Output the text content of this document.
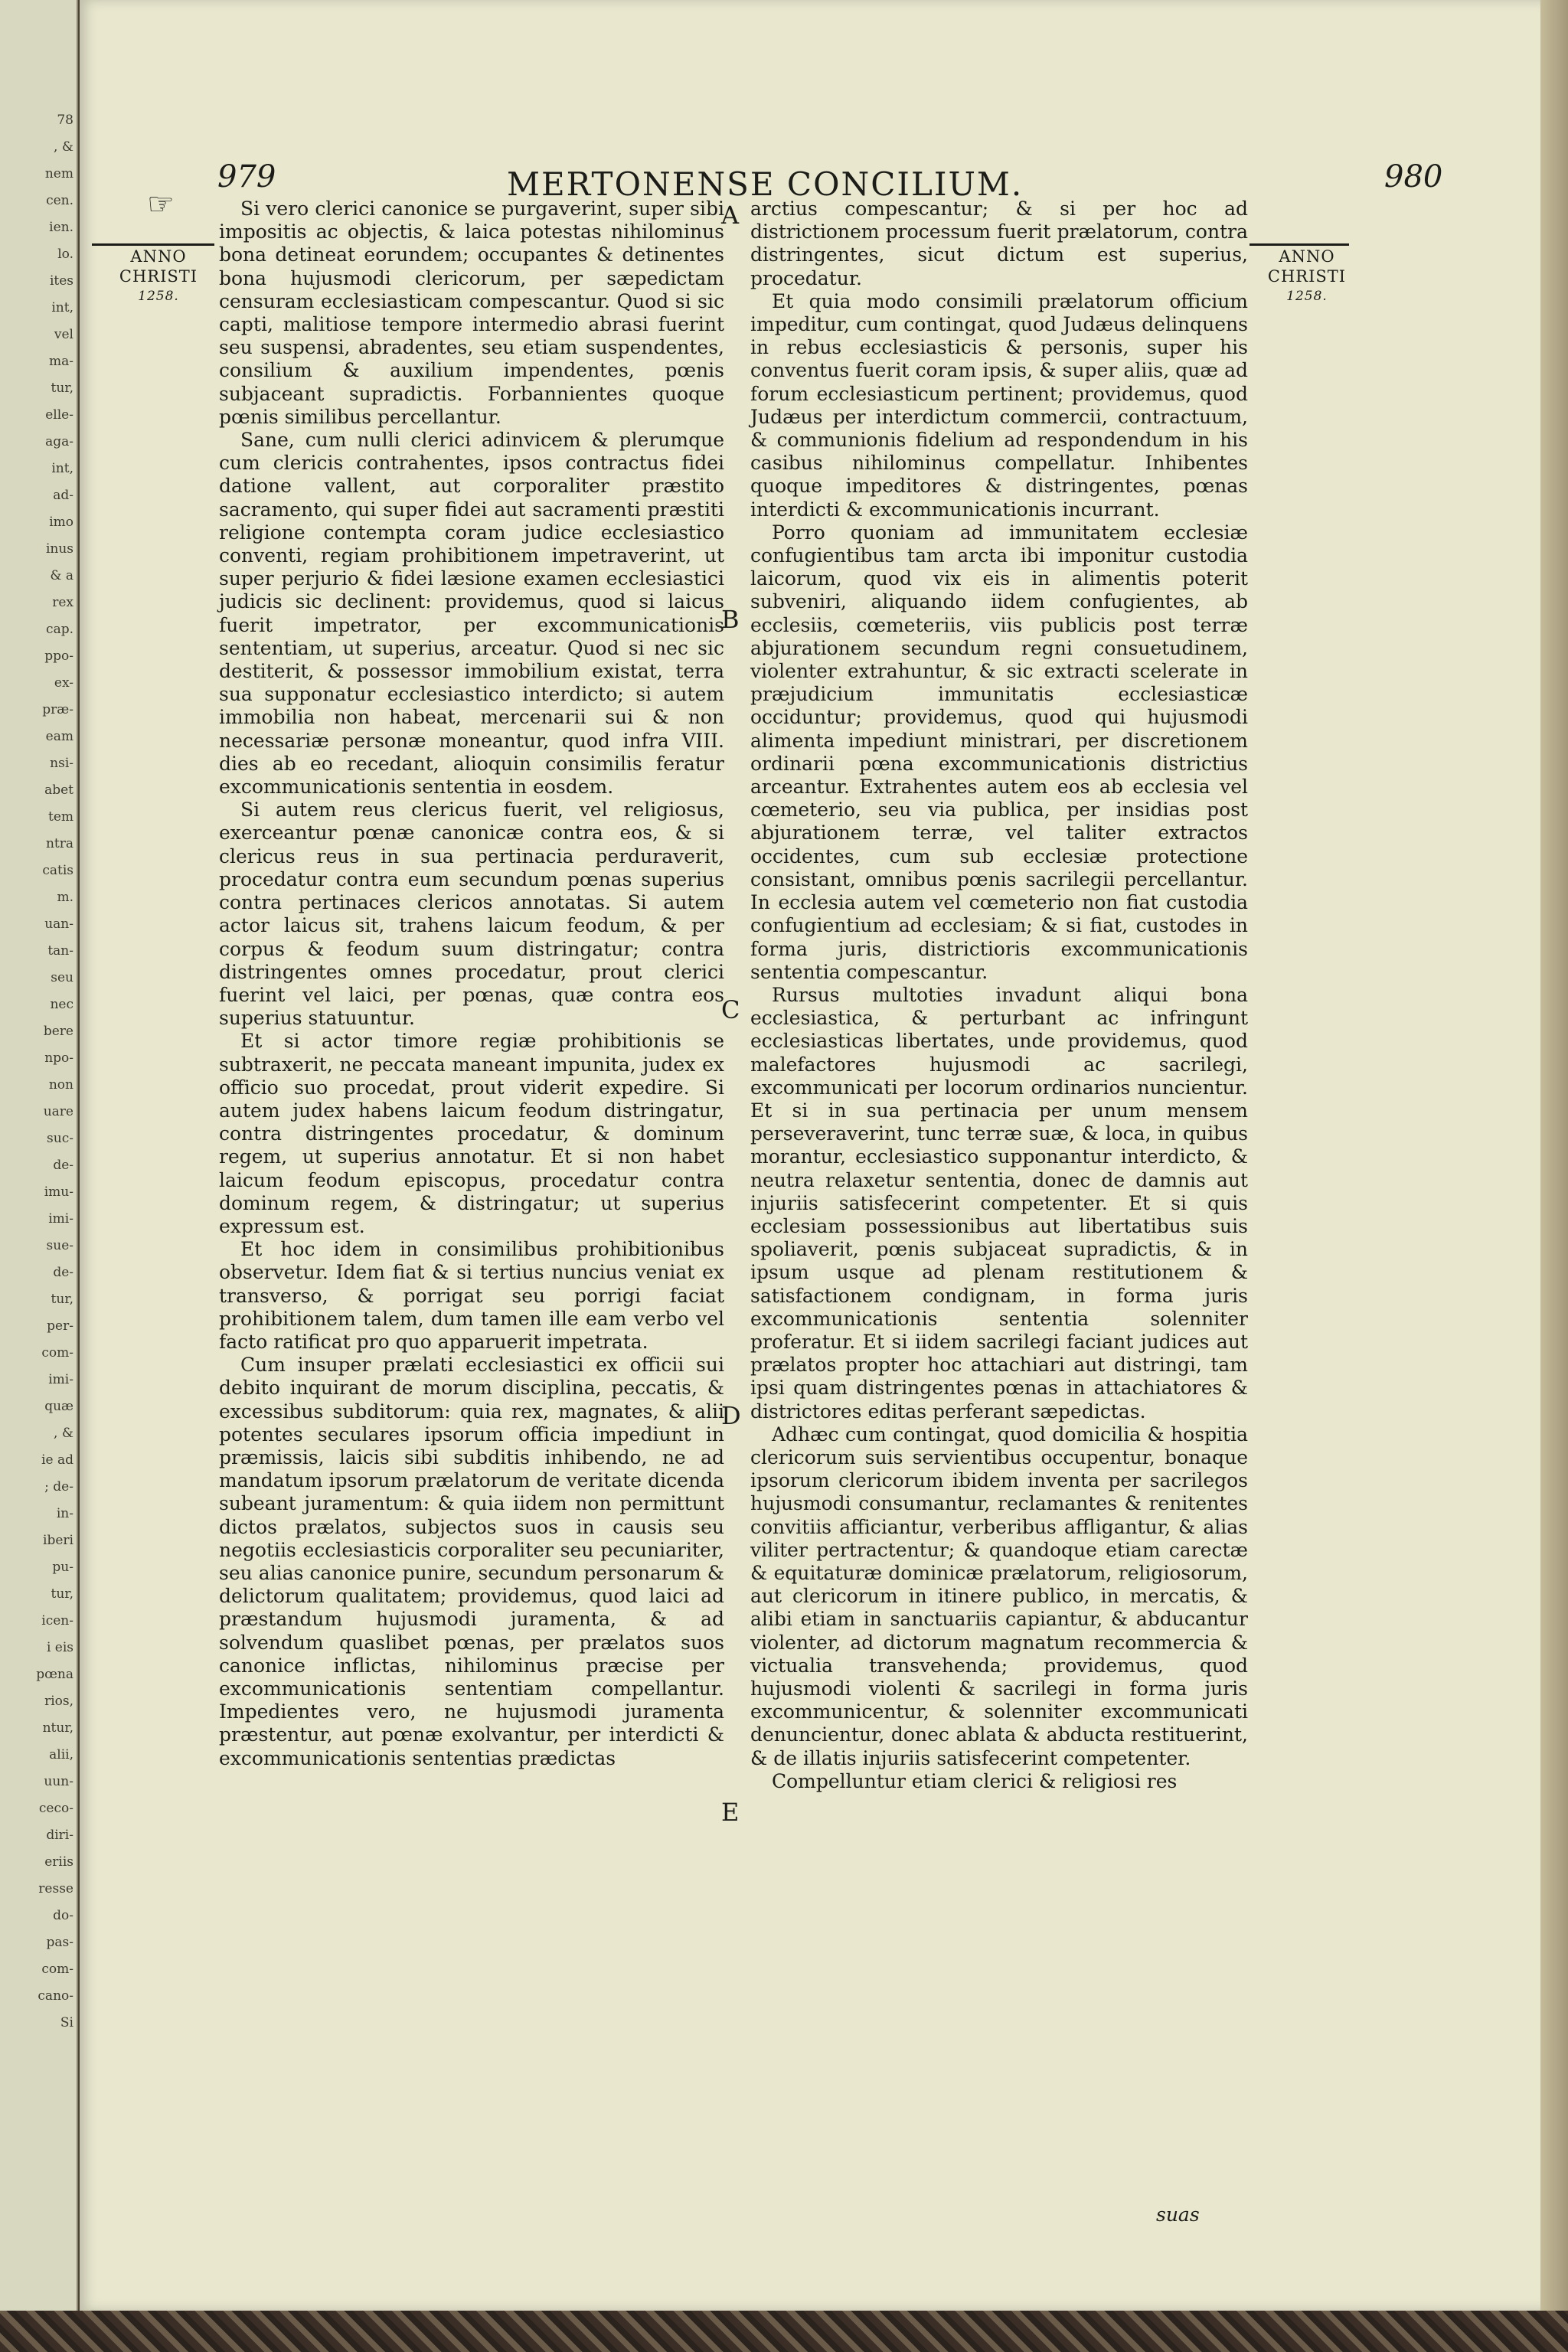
78
, &
nem
cen.
ien.
lo.
ites
int,
vel
ma-
tur,
elle-
aga-
int,
ad-
imo
inus
& a
rex
cap.
ppo-
ex-
præ-
eam
nsi-
abet
tem
ntra
catis
m.
uan-
tan-
seu
nec
bere
npo-
non
uare
suc-
de-
imu-
imi-
sue-
de-
tur,
per-
com-
imi-
quæ
, &
ie ad
; de-
in-
iberi
pu-
tur,
icen-
i eis
pœna
rios,
ntur,
alii,
uun-
ceco-
diri-
eriis
resse
do-
pas-
com-
cano-
Si
979	MERTONENSE CONCILIUM.	980
☞
ANNO
CHRISTI
1258.
ANNO
CHRISTI
1258.

Si vero clerici canonice se purgaverint, super sibi impositis ac objectis, & laica potestas nihilominus bona detineat eorundem; occupantes & detinentes bona hujusmodi clericorum, per sæpedictam censuram ecclesiasticam compescantur. Quod si sic capti, malitiose tempore intermedio abrasi fuerint seu suspensi, abradentes, seu etiam suspendentes, consilium & auxilium impendentes, pœnis subjaceant supradictis. Forbannientes quoque pœnis similibus percellantur.

Sane, cum nulli clerici adinvicem & plerumque cum clericis contrahentes, ipsos contractus fidei datione vallent, aut corporaliter præstito sacramento, qui super fidei aut sacramenti præstiti religione contempta coram judice ecclesiastico conventi, regiam prohibitionem impetraverint, ut super perjurio & fidei læsione examen ecclesiastici judicis sic declinent: providemus, quod si laicus fuerit impetrator, per excommunicationis sententiam, ut superius, arceatur. Quod si nec sic destiterit, & possessor immobilium existat, terra sua supponatur ecclesiastico interdicto; si autem immobilia non habeat, mercenarii sui & non necessariæ personæ moneantur, quod infra VIII. dies ab eo recedant, alioquin consimilis feratur excommunicationis sententia in eosdem.

Si autem reus clericus fuerit, vel religiosus, exerceantur pœnæ canonicæ contra eos, & si clericus reus in sua pertinacia perduraverit, procedatur contra eum secundum pœnas superius contra pertinaces clericos annotatas. Si autem actor laicus sit, trahens laicum feodum, & per corpus & feodum suum distringatur; contra distringentes omnes procedatur, prout clerici fuerint vel laici, per pœnas, quæ contra eos superius statuuntur.

Et si actor timore regiæ prohibitionis se subtraxerit, ne peccata maneant impunita, judex ex officio suo procedat, prout viderit expedire. Si autem judex habens laicum feodum distringatur, contra distringentes procedatur, & dominum regem, ut superius annotatur. Et si non habet laicum feodum episcopus, procedatur contra dominum regem, & distringatur; ut superius expressum est.

Et hoc idem in consimilibus prohibitionibus observetur. Idem fiat & si tertius nuncius veniat ex transverso, & porrigat seu porrigi faciat prohibitionem talem, dum tamen ille eam verbo vel facto ratificat pro quo apparuerit impetrata.

Cum insuper prælati ecclesiastici ex officii sui debito inquirant de morum disciplina, peccatis, & excessibus subditorum: quia rex, magnates, & alii potentes seculares ipsorum officia impediunt in præmissis, laicis sibi subditis inhibendo, ne ad mandatum ipsorum prælatorum de veritate dicenda subeant juramentum: & quia iidem non permittunt dictos prælatos, subjectos suos in causis seu negotiis ecclesiasticis corporaliter seu pecuniariter, seu alias canonice punire, secundum personarum & delictorum qualitatem; providemus, quod laici ad præstandum hujusmodi juramenta, & ad solvendum quaslibet pœnas, per prælatos suos canonice inflictas, nihilominus præcise per excommunicationis sententiam compellantur. Impedientes vero, ne hujusmodi juramenta præstentur, aut pœnæ exolvantur, per interdicti & excommunicationis sententias prædictas

A
B
C
D
E

arctius compescantur; & si per hoc ad districtionem processum fuerit prælatorum, contra distringentes, sicut dictum est superius, procedatur.

Et quia modo consimili prælatorum officium impeditur, cum contingat, quod Judæus delinquens in rebus ecclesiasticis & personis, super his conventus fuerit coram ipsis, & super aliis, quæ ad forum ecclesiasticum pertinent; providemus, quod Judæus per interdictum commercii, contractuum, & communionis fidelium ad respondendum in his casibus nihilominus compellatur. Inhibentes quoque impeditores & distringentes, pœnas interdicti & excommunicationis incurrant.

Porro quoniam ad immunitatem ecclesiæ confugientibus tam arcta ibi imponitur custodia laicorum, quod vix eis in alimentis poterit subveniri, aliquando iidem confugientes, ab ecclesiis, cœmeteriis, viis publicis post terræ abjurationem secundum regni consuetudinem, violenter extrahuntur, & sic extracti scelerate in præjudicium immunitatis ecclesiasticæ occiduntur; providemus, quod qui hujusmodi alimenta impediunt ministrari, per discretionem ordinarii pœna excommunicationis districtius arceantur. Extrahentes autem eos ab ecclesia vel cœmeterio, seu via publica, per insidias post abjurationem terræ, vel taliter extractos occidentes, cum sub ecclesiæ protectione consistant, omnibus pœnis sacrilegii percellantur. In ecclesia autem vel cœmeterio non fiat custodia confugientium ad ecclesiam; & si fiat, custodes in forma juris, districtioris excommunicationis sententia compescantur.

Rursus multoties invadunt aliqui bona ecclesiastica, & perturbant ac infringunt ecclesiasticas libertates, unde providemus, quod malefactores hujusmodi ac sacrilegi, excommunicati per locorum ordinarios nuncientur. Et si in sua pertinacia per unum mensem perseveraverint, tunc terræ suæ, & loca, in quibus morantur, ecclesiastico supponantur interdicto, & neutra relaxetur sententia, donec de damnis aut injuriis satisfecerint competenter. Et si quis ecclesiam possessionibus aut libertatibus suis spoliaverit, pœnis subjaceat supradictis, & in ipsum usque ad plenam restitutionem & satisfactionem condignam, in forma juris excommunicationis sententia solenniter proferatur. Et si iidem sacrilegi faciant judices aut prælatos propter hoc attachiari aut distringi, tam ipsi quam distringentes pœnas in attachiatores & districtores editas perferant sæpedictas.

Adhæc cum contingat, quod domicilia & hospitia clericorum suis servientibus occupentur, bonaque ipsorum clericorum ibidem inventa per sacrilegos hujusmodi consumantur, reclamantes & renitentes convitiis afficiantur, verberibus affligantur, & alias viliter pertractentur; & quandoque etiam carectæ & equitaturæ dominicæ prælatorum, religiosorum, aut clericorum in itinere publico, in mercatis, & alibi etiam in sanctuariis capiantur, & abducantur violenter, ad dictorum magnatum recommercia & victualia transvehenda; providemus, quod hujusmodi violenti & sacrilegi in forma juris excommunicentur, & solenniter excommunicati denuncientur, donec ablata & abducta restituerint, & de illatis injuriis satisfecerint competenter.

Compelluntur etiam clerici & religiosi res

suas
